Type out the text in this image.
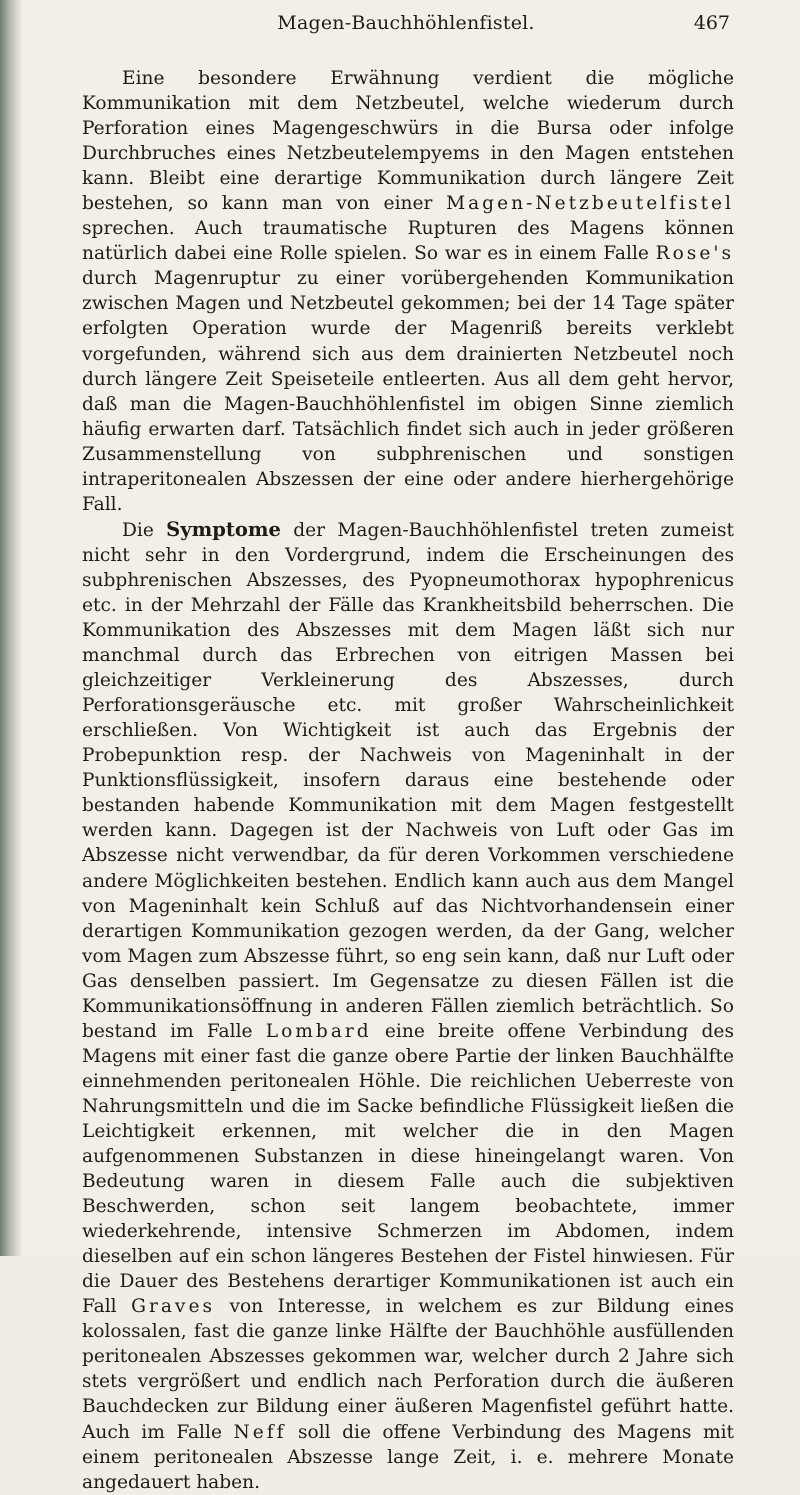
Magen-Bauchhöhlenfistel.	467

Eine besondere Erwähnung verdient die mögliche Kommunikation mit dem Netzbeutel, welche wiederum durch Perforation eines Magengeschwürs in die Bursa oder infolge Durchbruches eines Netzbeutelempyems in den Magen entstehen kann. Bleibt eine derartige Kommunikation durch längere Zeit bestehen, so kann man von einer Magen-Netzbeutelfistel sprechen. Auch traumatische Rupturen des Magens können natürlich dabei eine Rolle spielen. So war es in einem Falle Rose's durch Magenruptur zu einer vorübergehenden Kommunikation zwischen Magen und Netzbeutel gekommen; bei der 14 Tage später erfolgten Operation wurde der Magenriß bereits verklebt vorgefunden, während sich aus dem drainierten Netzbeutel noch durch längere Zeit Speiseteile entleerten. Aus all dem geht hervor, daß man die Magen-Bauchhöhlenfistel im obigen Sinne ziemlich häufig erwarten darf. Tatsächlich findet sich auch in jeder größeren Zusammenstellung von subphrenischen und sonstigen intraperitonealen Abszessen der eine oder andere hierhergehörige Fall.

Die Symptome der Magen-Bauchhöhlenfistel treten zumeist nicht sehr in den Vordergrund, indem die Erscheinungen des subphrenischen Abszesses, des Pyopneumothorax hypophrenicus etc. in der Mehrzahl der Fälle das Krankheitsbild beherrschen. Die Kommunikation des Abszesses mit dem Magen läßt sich nur manchmal durch das Erbrechen von eitrigen Massen bei gleichzeitiger Verkleinerung des Abszesses, durch Perforationsgeräusche etc. mit großer Wahrscheinlichkeit erschließen. Von Wichtigkeit ist auch das Ergebnis der Probepunktion resp. der Nachweis von Mageninhalt in der Punktionsflüssigkeit, insofern daraus eine bestehende oder bestanden habende Kommunikation mit dem Magen festgestellt werden kann. Dagegen ist der Nachweis von Luft oder Gas im Abszesse nicht verwendbar, da für deren Vorkommen verschiedene andere Möglichkeiten bestehen. Endlich kann auch aus dem Mangel von Mageninhalt kein Schluß auf das Nichtvorhandensein einer derartigen Kommunikation gezogen werden, da der Gang, welcher vom Magen zum Abszesse führt, so eng sein kann, daß nur Luft oder Gas denselben passiert. Im Gegensatze zu diesen Fällen ist die Kommunikationsöffnung in anderen Fällen ziemlich beträchtlich. So bestand im Falle Lombard eine breite offene Verbindung des Magens mit einer fast die ganze obere Partie der linken Bauchhälfte einnehmenden peritonealen Höhle. Die reichlichen Ueberreste von Nahrungsmitteln und die im Sacke befindliche Flüssigkeit ließen die Leichtigkeit erkennen, mit welcher die in den Magen aufgenommenen Substanzen in diese hineingelangt waren. Von Bedeutung waren in diesem Falle auch die subjektiven Beschwerden, schon seit langem beobachtete, immer wiederkehrende, intensive Schmerzen im Abdomen, indem dieselben auf ein schon längeres Bestehen der Fistel hinwiesen. Für die Dauer des Bestehens derartiger Kommunikationen ist auch ein Fall Graves von Interesse, in welchem es zur Bildung eines kolossalen, fast die ganze linke Hälfte der Bauchhöhle ausfüllenden peritonealen Abszesses gekommen war, welcher durch 2 Jahre sich stets vergrößert und endlich nach Perforation durch die äußeren Bauchdecken zur Bildung einer äußeren Magenfistel geführt hatte. Auch im Falle Neff soll die offene Verbindung des Magens mit einem peritonealen Abszesse lange Zeit, i. e. mehrere Monate angedauert haben.
